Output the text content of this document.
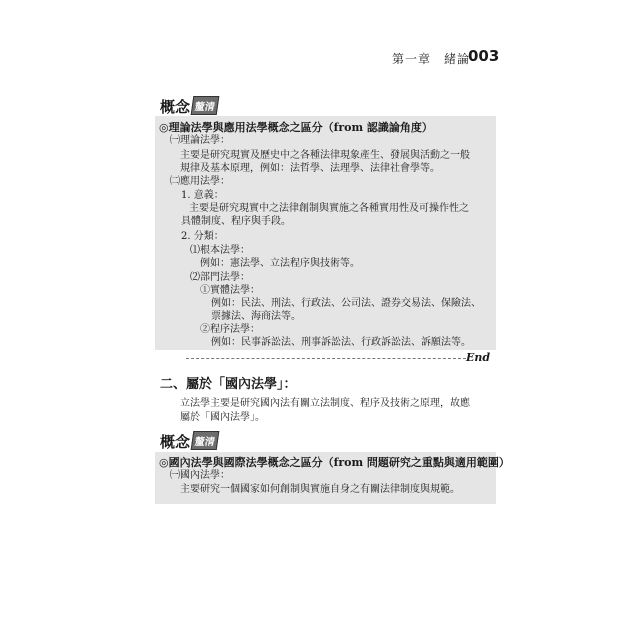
第一章　緒論
003
概念 釐清
◎理論法學與應用法學概念之區分（from 認識論角度）
㈠理論法學：
主要是研究現實及歷史中之各種法律現象產生、發展與活動之一般
規律及基本原理，例如：法哲學、法理學、法律社會學等。
㈡應用法學：
1. 意義：
主要是研究現實中之法律創制與實施之各種實用性及可操作性之
具體制度、程序與手段。
2. 分類：
⑴根本法學：
例如：憲法學、立法程序與技術等。
⑵部門法學：
①實體法學：
例如：民法、刑法、行政法、公司法、證券交易法、保險法、
票據法、海商法等。
②程序法學：
例如：民事訴訟法、刑事訴訟法、行政訴訟法、訴願法等。
End
二、屬於「國內法學」：
立法學主要是研究國內法有關立法制度、程序及技術之原理，故應
屬於「國內法學」。
概念 釐清
◎國內法學與國際法學概念之區分（from 問題研究之重點與適用範圍）
㈠國內法學：
主要研究一個國家如何創制與實施自身之有關法律制度與規範。
